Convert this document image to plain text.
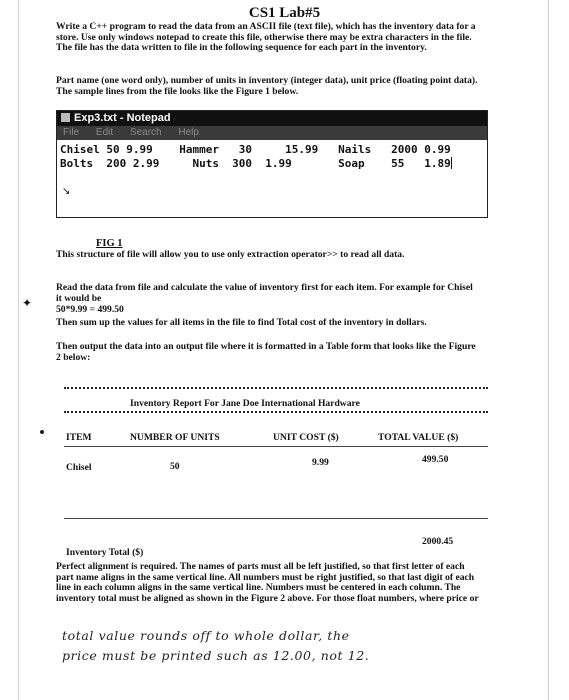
CS1 Lab#5
Write a C++ program to read the data from an ASCII file (text file), which has the inventory data for a store. Use only windows notepad to create this file, otherwise there may be extra characters in the file. The file has the data written to file in the following sequence for each part in the inventory.
Part name (one word only), number of units in inventory (integer data), unit price (floating point data). The sample lines from the file looks like the Figure 1 below.
Exp3.txt - Notepad
File Edit Search Help
Chisel 50 9.99    Hammer   30     15.99   Nails   2000 0.99
Bolts  200 2.99     Nuts  300  1.99       Soap    55   1.89
↘
FIG 1
This structure of file will allow you to use only extraction operator>> to read all data.
✦
Read the data from file and calculate the value of inventory first for each item. For example for Chisel it would be
50*9.99 = 499.50
Then sum up the values for all items in the file to find Total cost of the inventory in dollars.
Then output the data into an output file where it is formatted in a Table form that looks like the Figure 2 below:
Inventory Report For Jane Doe International Hardware
ITEM	NUMBER OF UNITS	UNIT COST ($)	TOTAL VALUE ($)
Chisel	50	9.99	499.50
2000.45
Inventory Total ($)
Perfect alignment is required. The names of parts must all be left justified, so that first letter of each part name aligns in the same vertical line. All numbers must be right justified, so that last digit of each line in each column aligns in the same vertical line. Numbers must be centered in each column. The inventory total must be aligned as shown in the Figure 2 above. For those float numbers, where price or
total value rounds off to whole dollar, the
price must be printed such as 12.00, not 12.
